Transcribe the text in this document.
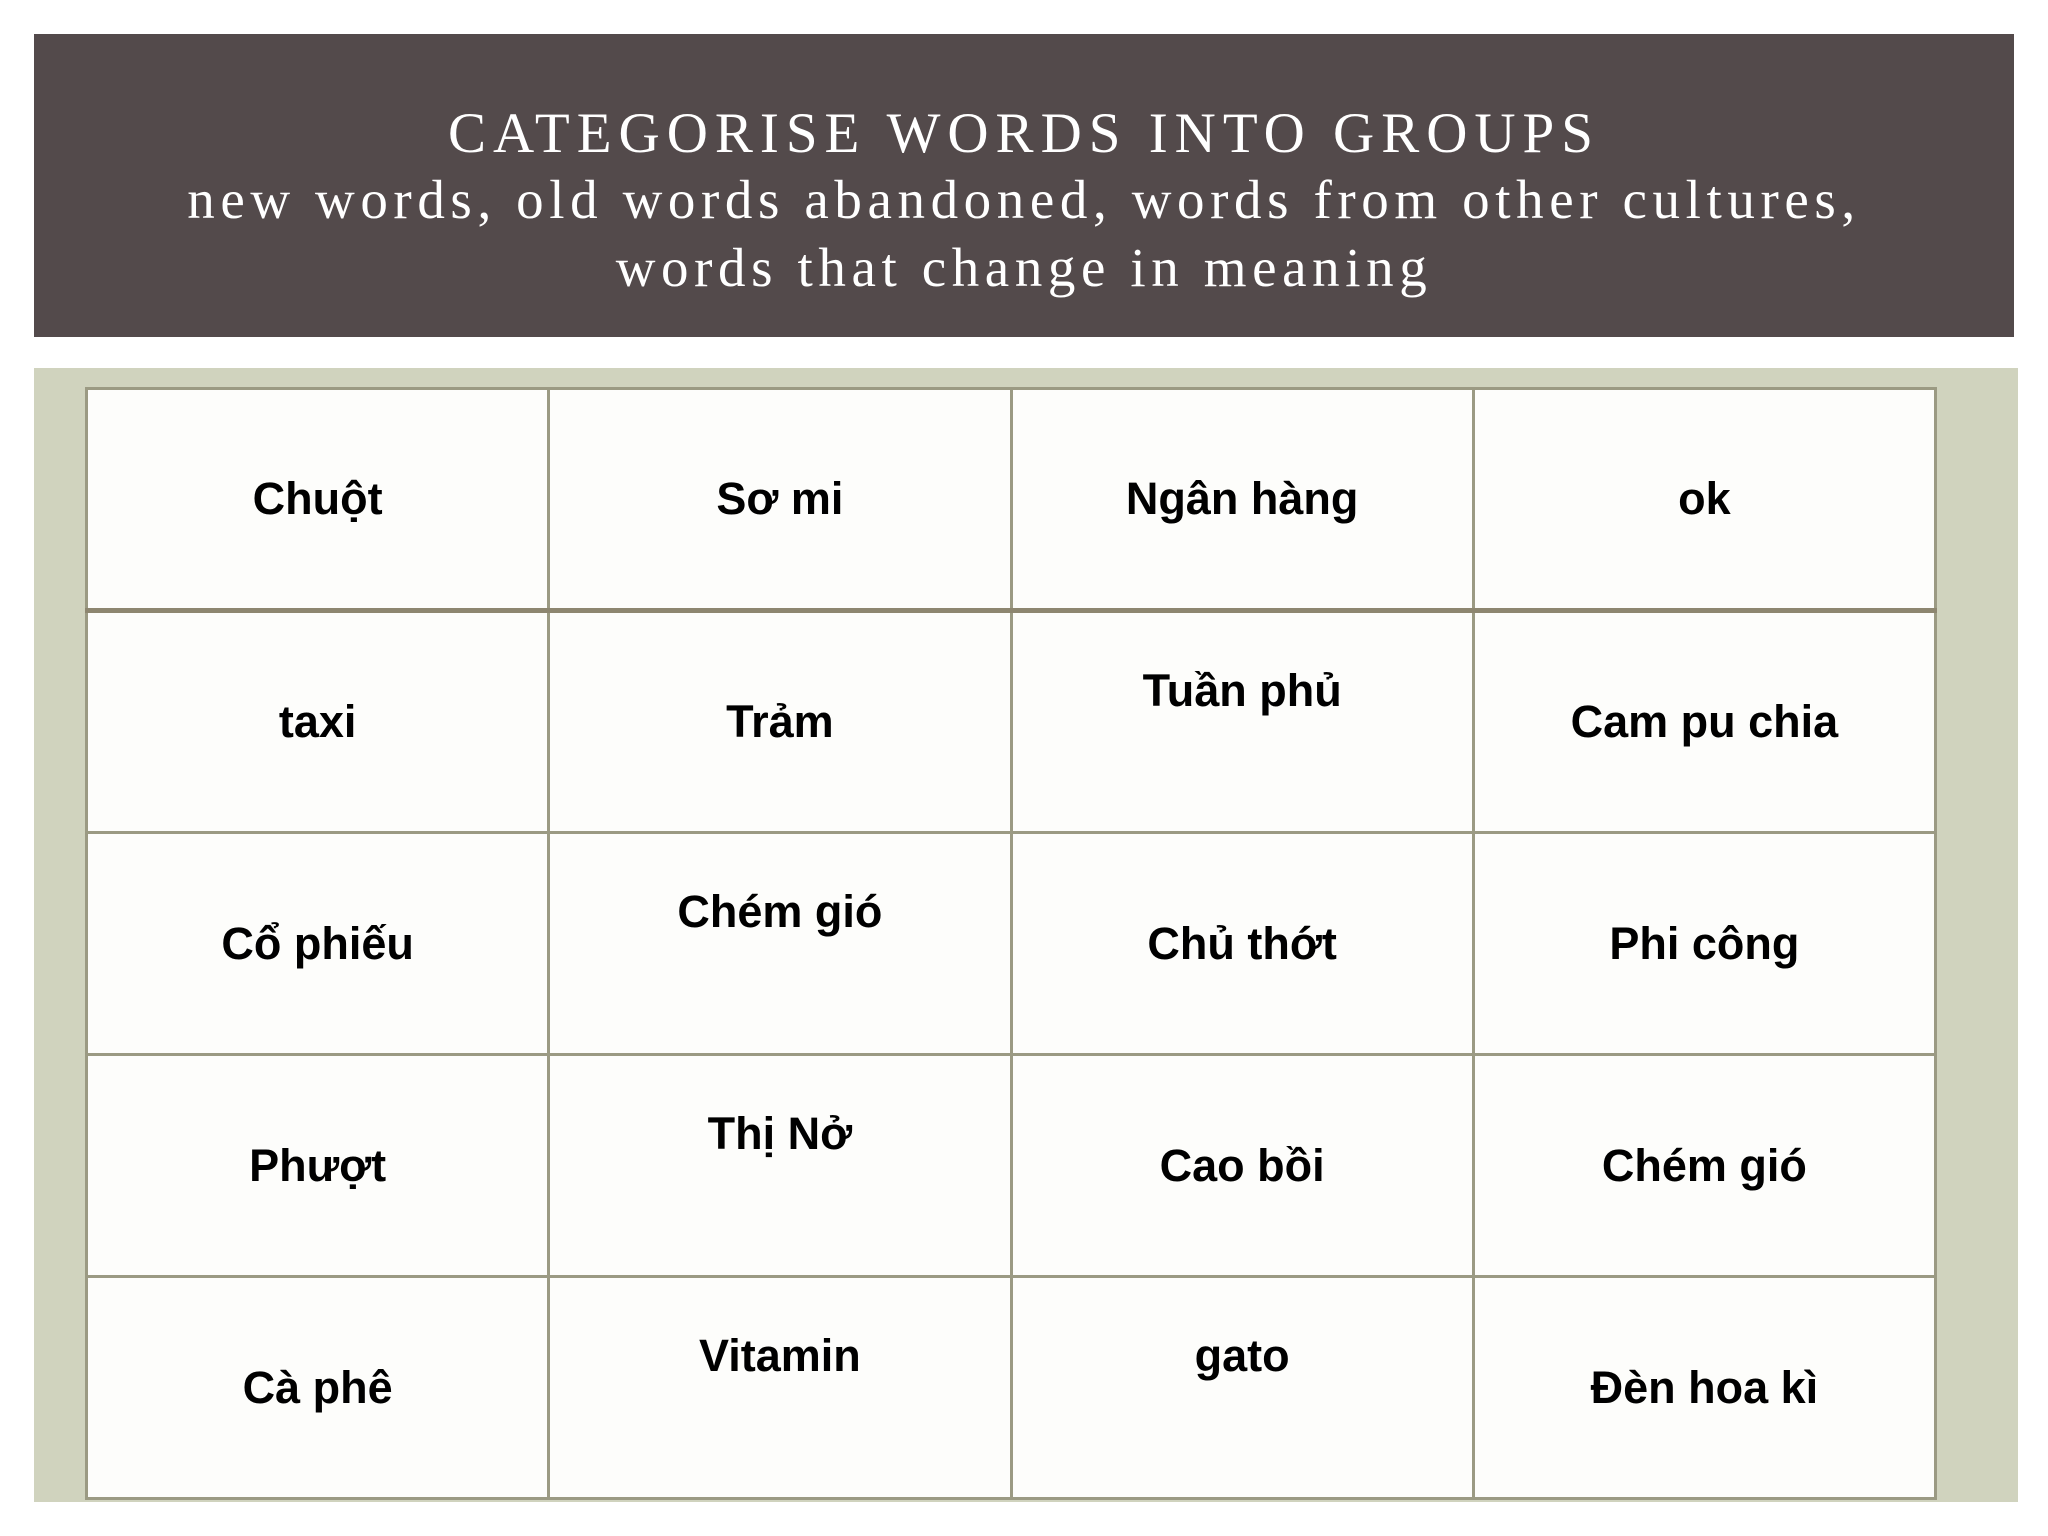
CATEGORISE WORDS INTO GROUPS

new words, old words abandoned, words from other cultures,

words that change in meaning

Chuột	Sơ mi	Ngân hàng	ok
taxi	Trảm	Tuần phủ	Cam pu chia
Cổ phiếu	Chém gió	Chủ thớt	Phi công
Phượt	Thị Nở	Cao bồi	Chém gió
Cà phê	Vitamin	gato	Đèn hoa kì
